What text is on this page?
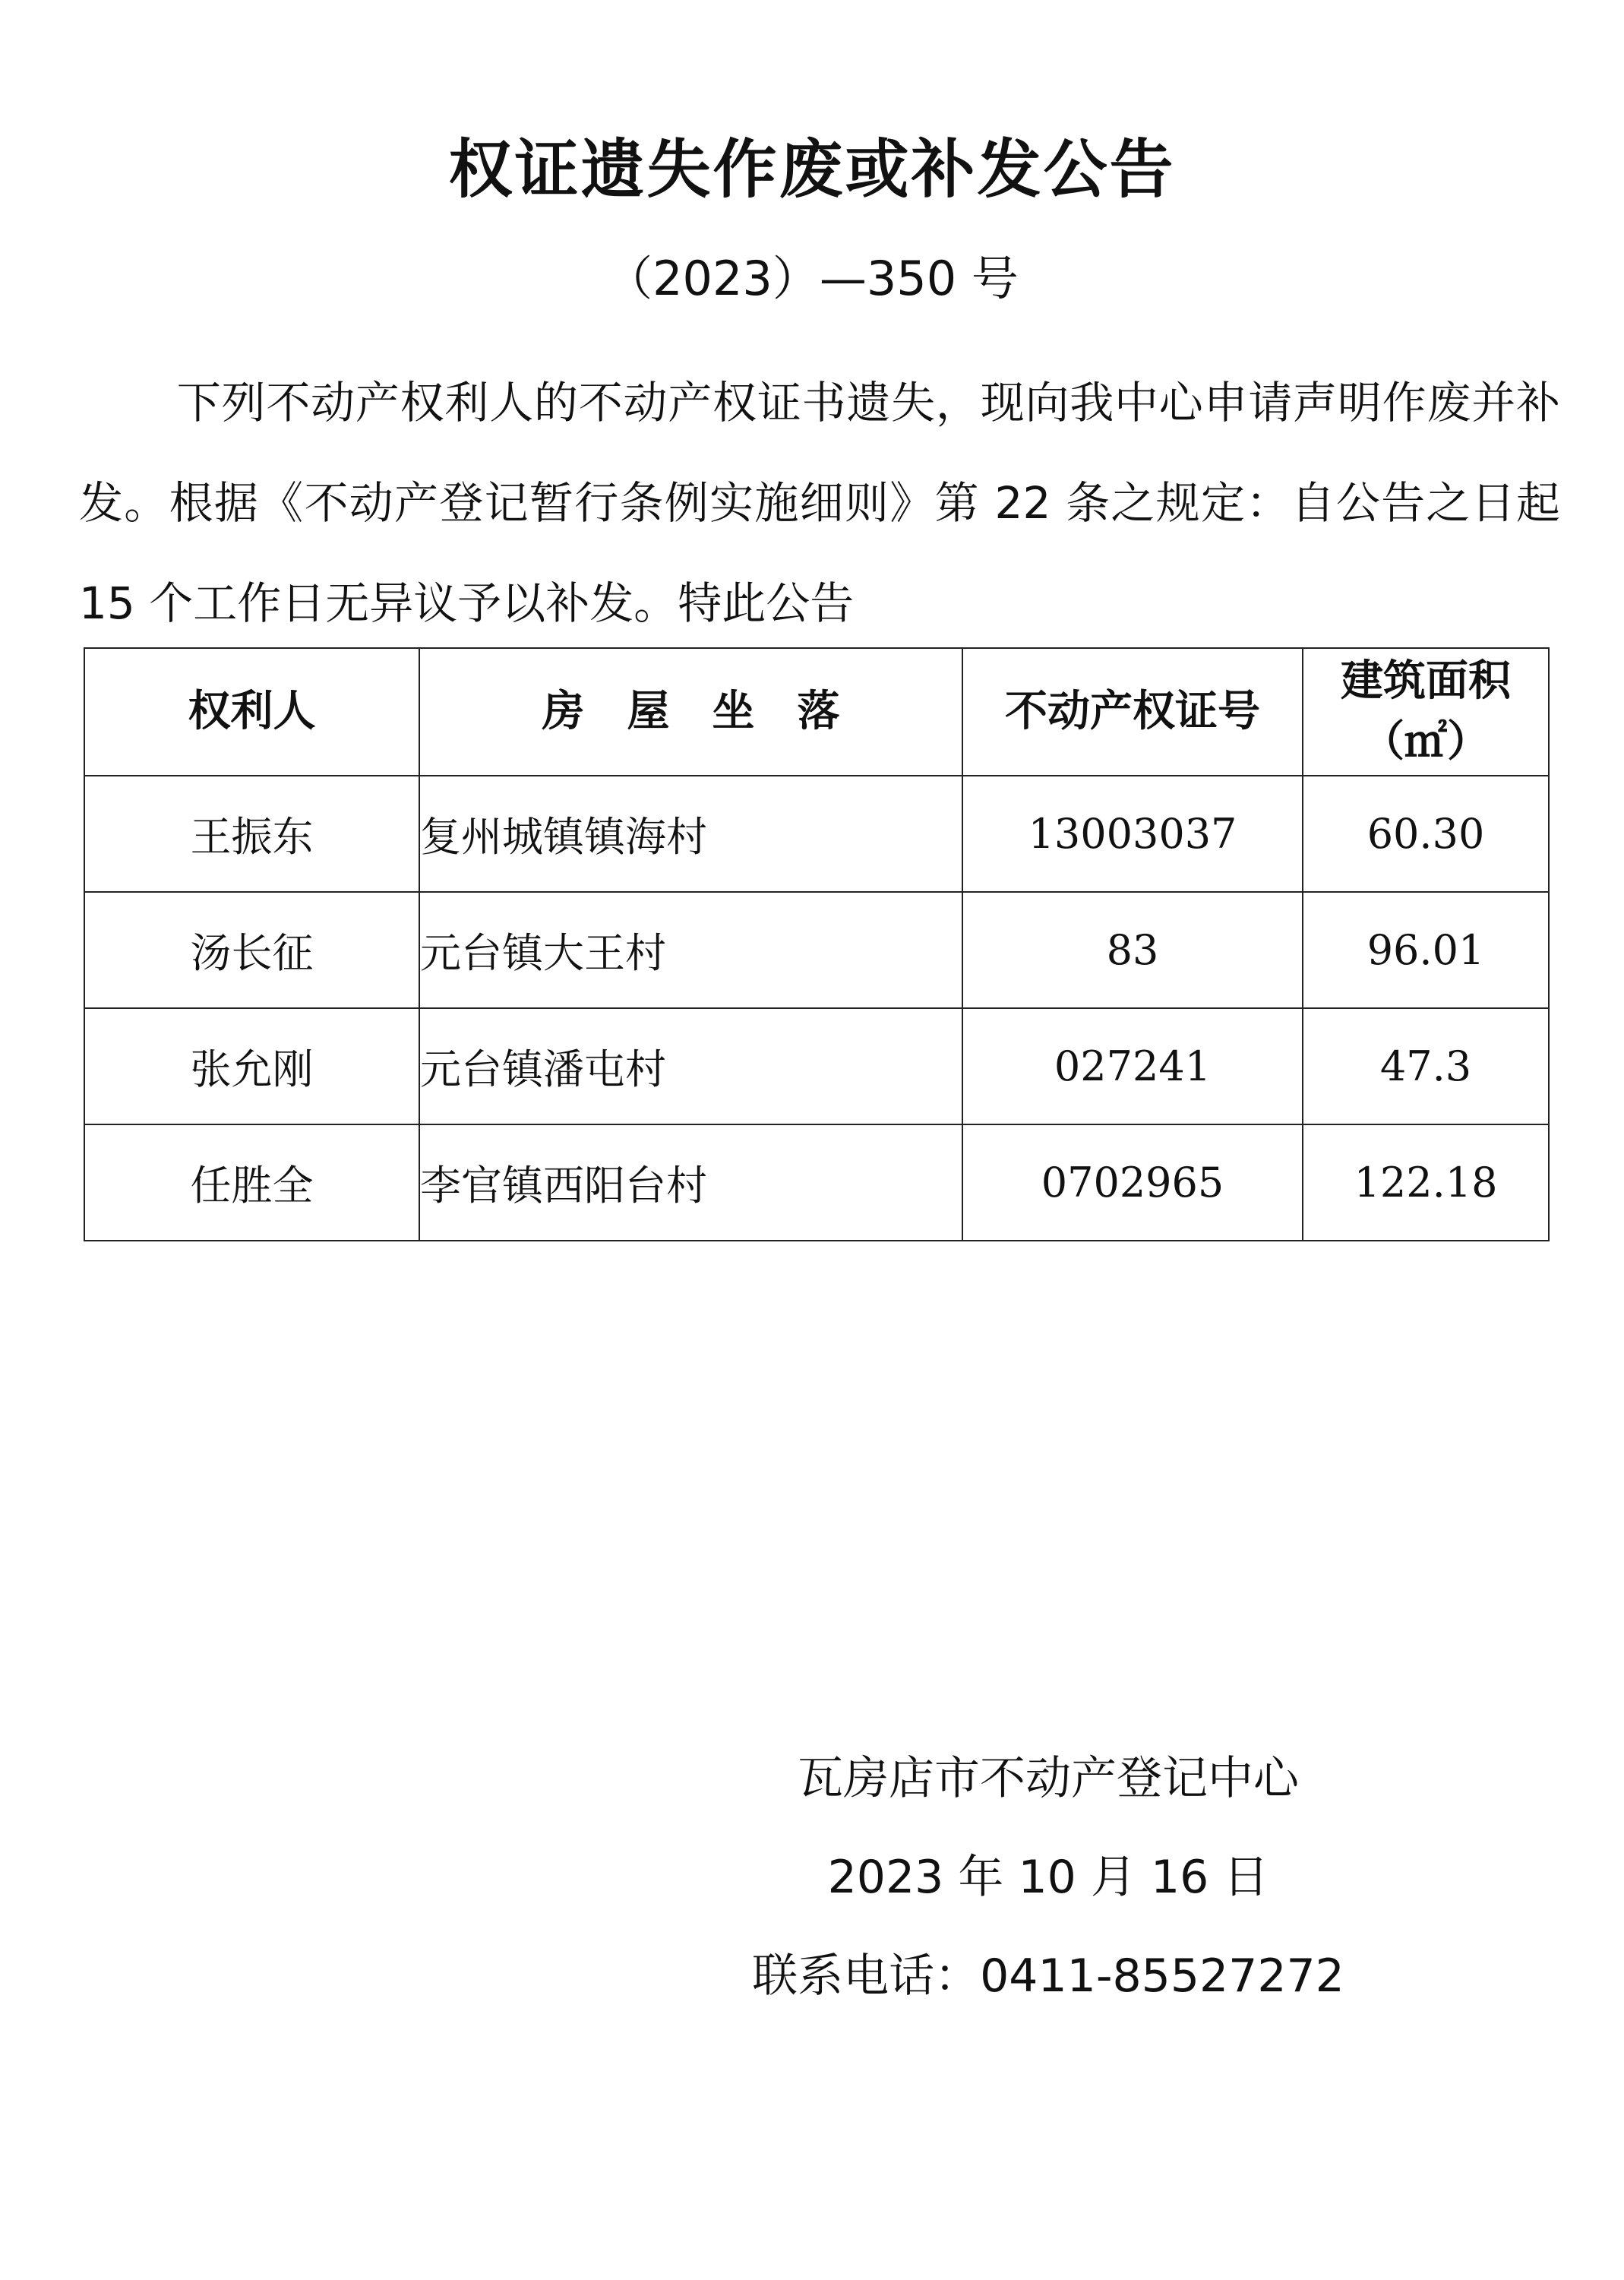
权证遗失作废或补发公告
（2023）—350 号
下列不动产权利人的不动产权证书遗失，现向我中心申请声明作废并补发。根据《不动产登记暂行条例实施细则》第 22 条之规定：自公告之日起 15 个工作日无异议予以补发。特此公告
权利人	房　屋　坐　落	不动产权证号	建筑面积
（㎡）

王振东	复州城镇镇海村	13003037	60.30
汤长征	元台镇大王村	83	96.01
张允刚	元台镇潘屯村	027241	47.3
任胜全	李官镇西阳台村	0702965	122.18
瓦房店市不动产登记中心
2023 年 10 月 16 日
联系电话：0411-85527272
